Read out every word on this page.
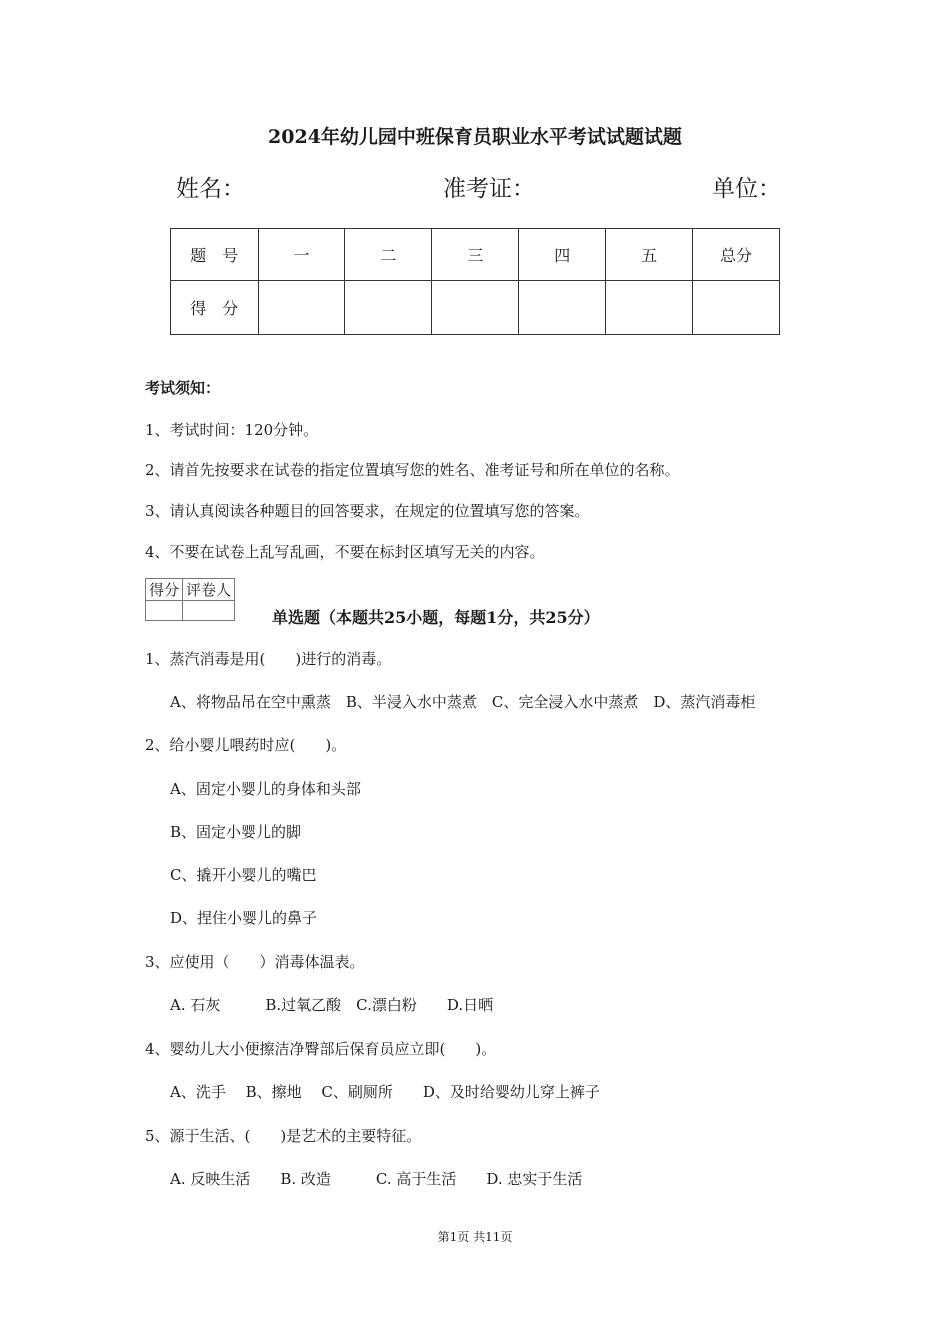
2024年幼儿园中班保育员职业水平考试试题试题
姓名：	准考证：	单位：
题　号	一	二	三	四	五	总分
得　分						
考试须知：
1、考试时间：120分钟。
2、请首先按要求在试卷的指定位置填写您的姓名、准考证号和所在单位的名称。
3、请认真阅读各种题目的回答要求，在规定的位置填写您的答案。
4、不要在试卷上乱写乱画，不要在标封区填写无关的内容。
得分	评卷人

单选题（本题共25小题，每题1分，共25分）
1、蒸汽消毒是用(　　)进行的消毒。
A、将物品吊在空中熏蒸　B、半浸入水中蒸煮　C、完全浸入水中蒸煮　D、蒸汽消毒柜
2、给小婴儿喂药时应(　　)。
A、固定小婴儿的身体和头部
B、固定小婴儿的脚
C、撬开小婴儿的嘴巴
D、捏住小婴儿的鼻子
3、应使用（　　）消毒体温表。
A. 石灰　　　B.过氧乙酸　C.漂白粉　　D.日晒
4、婴幼儿大小便擦洁净臀部后保育员应立即(　　)。
A、洗手　 B、擦地　 C、刷厕所　　D、及时给婴幼儿穿上裤子
5、源于生活、(　　)是艺术的主要特征。
A. 反映生活　　B. 改造　　　C. 高于生活　　D. 忠实于生活
第1页 共11页
